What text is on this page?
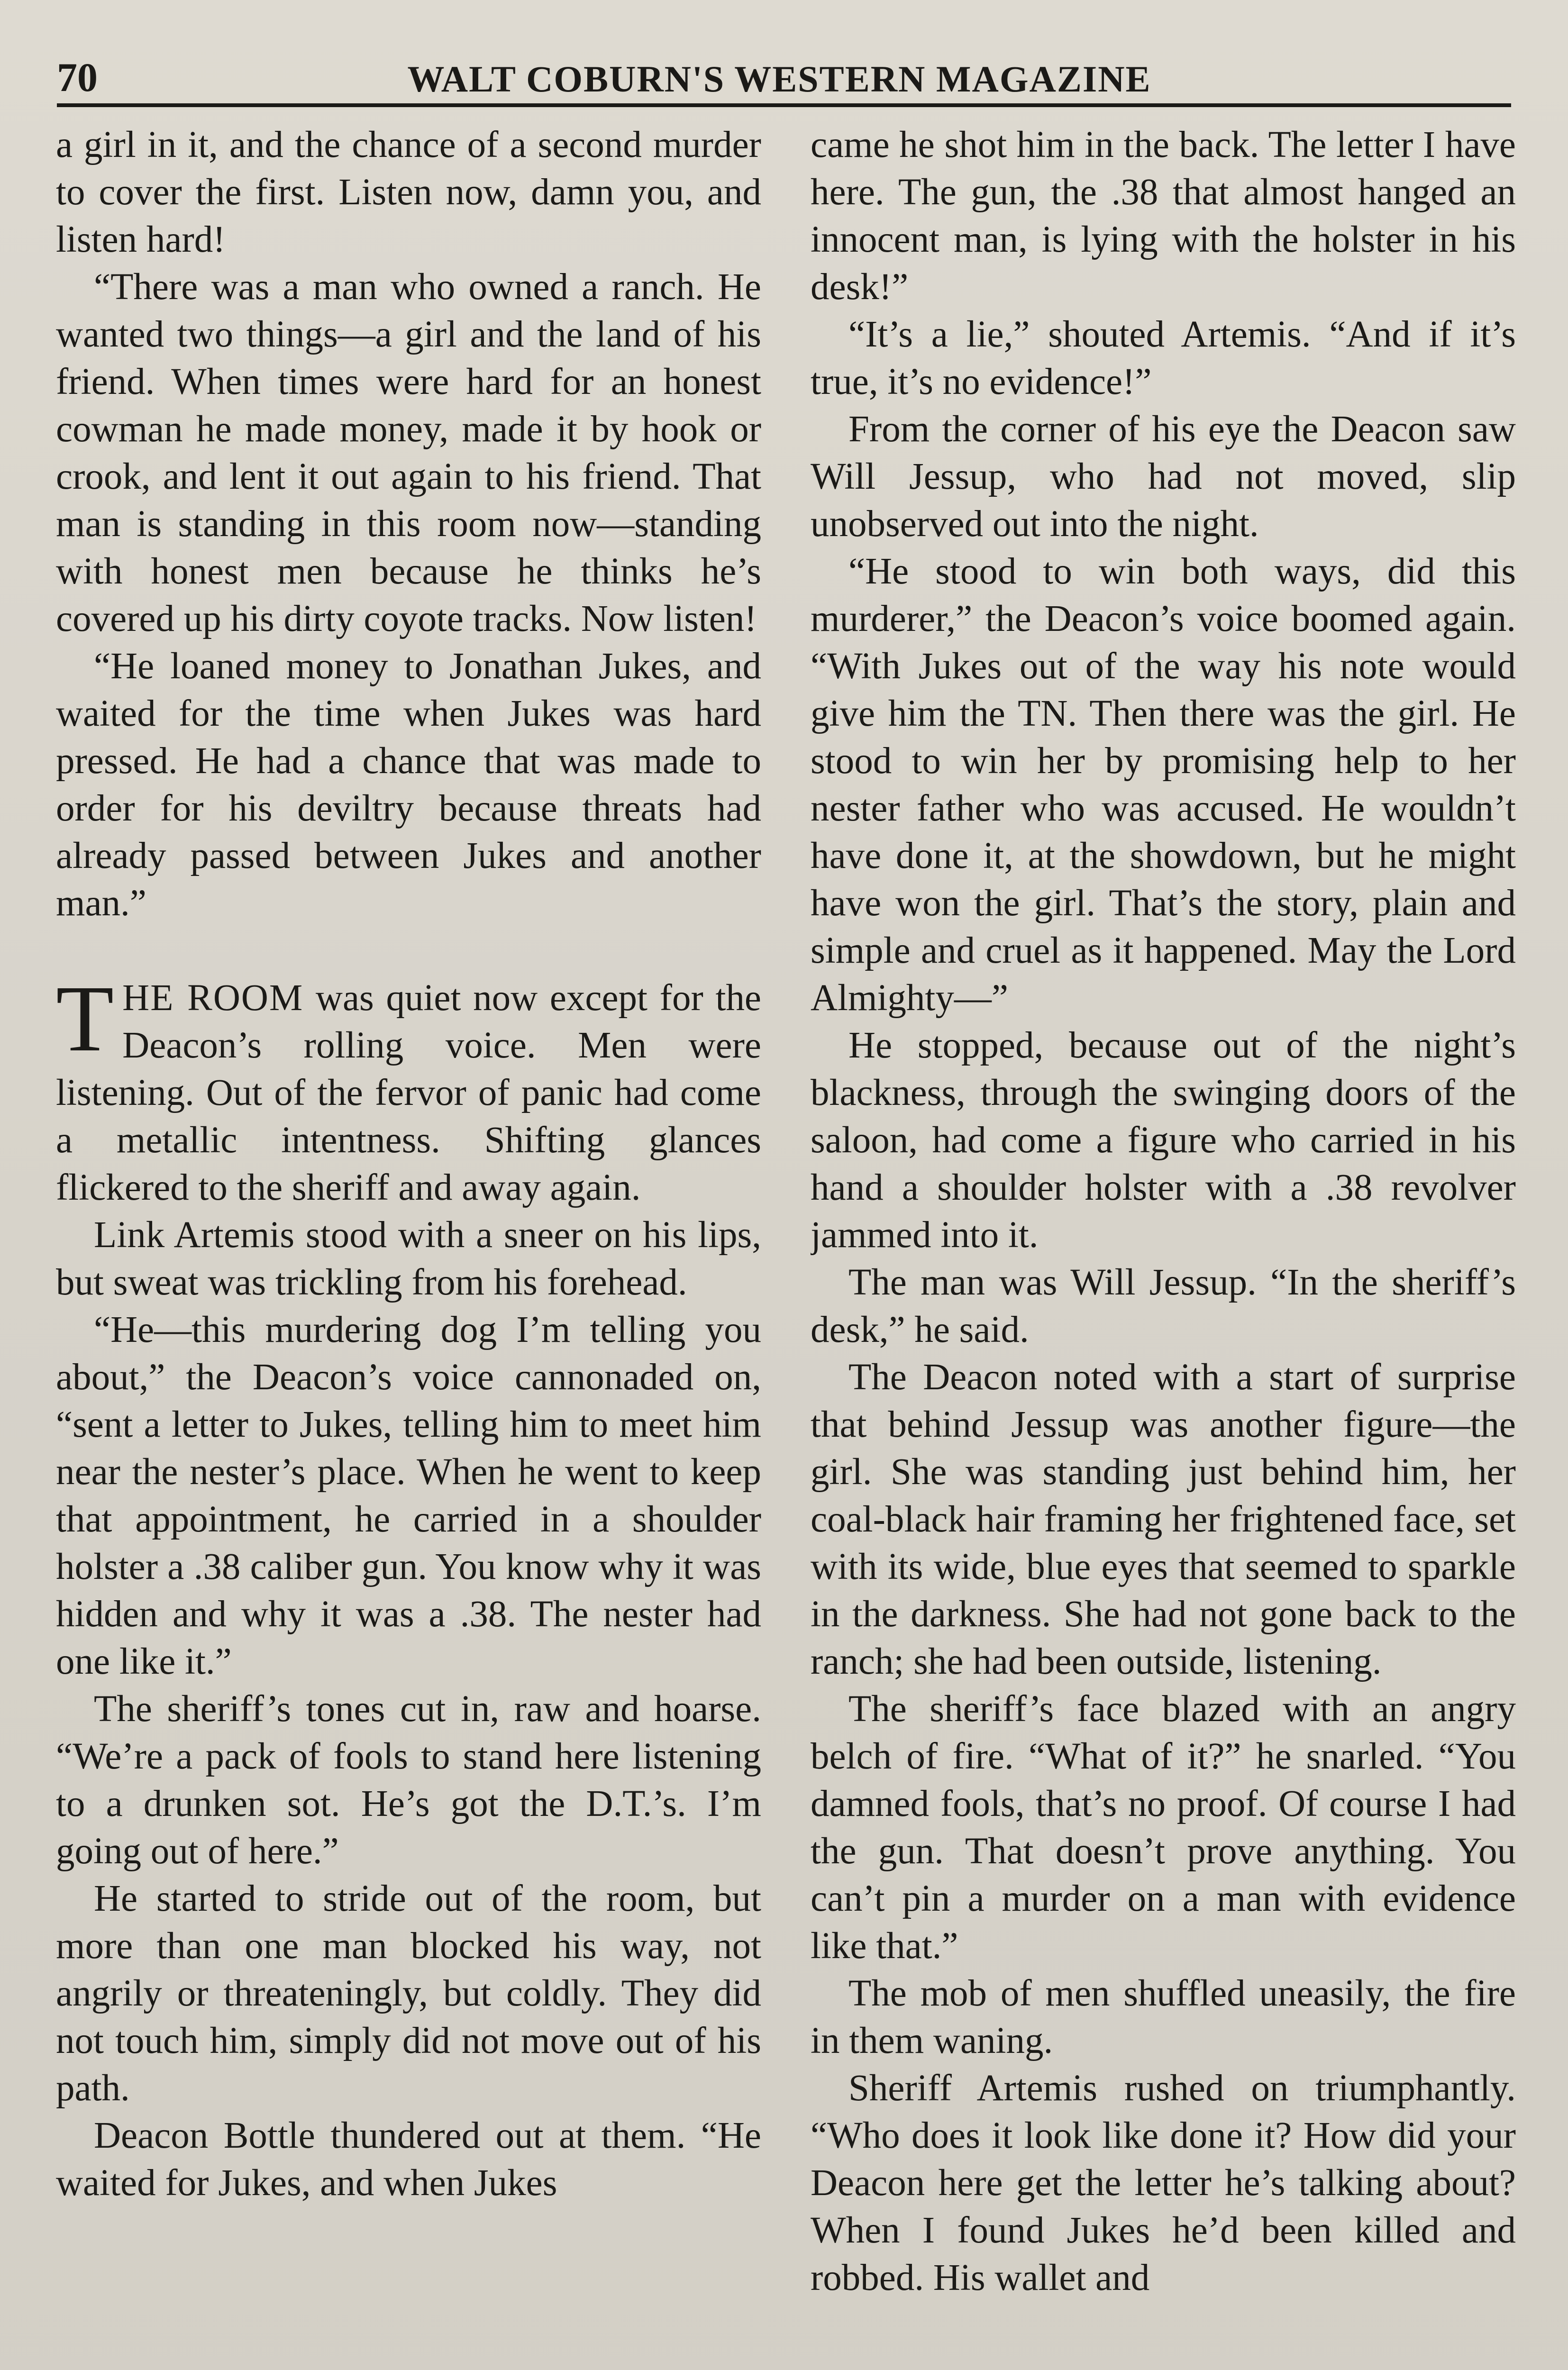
70	WALT COBURN'S WESTERN MAGAZINE

a girl in it, and the chance of a second murder to cover the first. Listen now, damn you, and listen hard!

“There was a man who owned a ranch. He wanted two things—a girl and the land of his friend. When times were hard for an honest cowman he made money, made it by hook or crook, and lent it out again to his friend. That man is standing in this room now—standing with honest men because he thinks he’s covered up his dirty coyote tracks. Now listen!

“He loaned money to Jonathan Jukes, and waited for the time when Jukes was hard pressed. He had a chance that was made to order for his deviltry because threats had already passed between Jukes and another man.”

THE ROOM was quiet now except for the Deacon’s rolling voice. Men were listening. Out of the fervor of panic had come a metallic intentness. Shifting glances flickered to the sheriff and away again.

Link Artemis stood with a sneer on his lips, but sweat was trickling from his forehead.

“He—this murdering dog I’m telling you about,” the Deacon’s voice cannonaded on, “sent a letter to Jukes, telling him to meet him near the nester’s place. When he went to keep that appointment, he carried in a shoulder holster a .38 caliber gun. You know why it was hidden and why it was a .38. The nester had one like it.”

The sheriff’s tones cut in, raw and hoarse. “We’re a pack of fools to stand here listening to a drunken sot. He’s got the D.T.’s. I’m going out of here.”

He started to stride out of the room, but more than one man blocked his way, not angrily or threateningly, but coldly. They did not touch him, simply did not move out of his path.

Deacon Bottle thundered out at them. “He waited for Jukes, and when Jukes

came he shot him in the back. The letter I have here. The gun, the .38 that almost hanged an innocent man, is lying with the holster in his desk!”

“It’s a lie,” shouted Artemis. “And if it’s true, it’s no evidence!”

From the corner of his eye the Deacon saw Will Jessup, who had not moved, slip unobserved out into the night.

“He stood to win both ways, did this murderer,” the Deacon’s voice boomed again. “With Jukes out of the way his note would give him the TN. Then there was the girl. He stood to win her by promising help to her nester father who was accused. He wouldn’t have done it, at the showdown, but he might have won the girl. That’s the story, plain and simple and cruel as it happened. May the Lord Almighty—”

He stopped, because out of the night’s blackness, through the swinging doors of the saloon, had come a figure who carried in his hand a shoulder holster with a .38 revolver jammed into it.

The man was Will Jessup. “In the sheriff’s desk,” he said.

The Deacon noted with a start of surprise that behind Jessup was another figure—the girl. She was standing just behind him, her coal-black hair framing her frightened face, set with its wide, blue eyes that seemed to sparkle in the darkness. She had not gone back to the ranch; she had been outside, listening.

The sheriff’s face blazed with an angry belch of fire. “What of it?” he snarled. “You damned fools, that’s no proof. Of course I had the gun. That doesn’t prove anything. You can’t pin a murder on a man with evidence like that.”

The mob of men shuffled uneasily, the fire in them waning.

Sheriff Artemis rushed on triumphantly. “Who does it look like done it? How did your Deacon here get the letter he’s talking about? When I found Jukes he’d been killed and robbed. His wallet and
